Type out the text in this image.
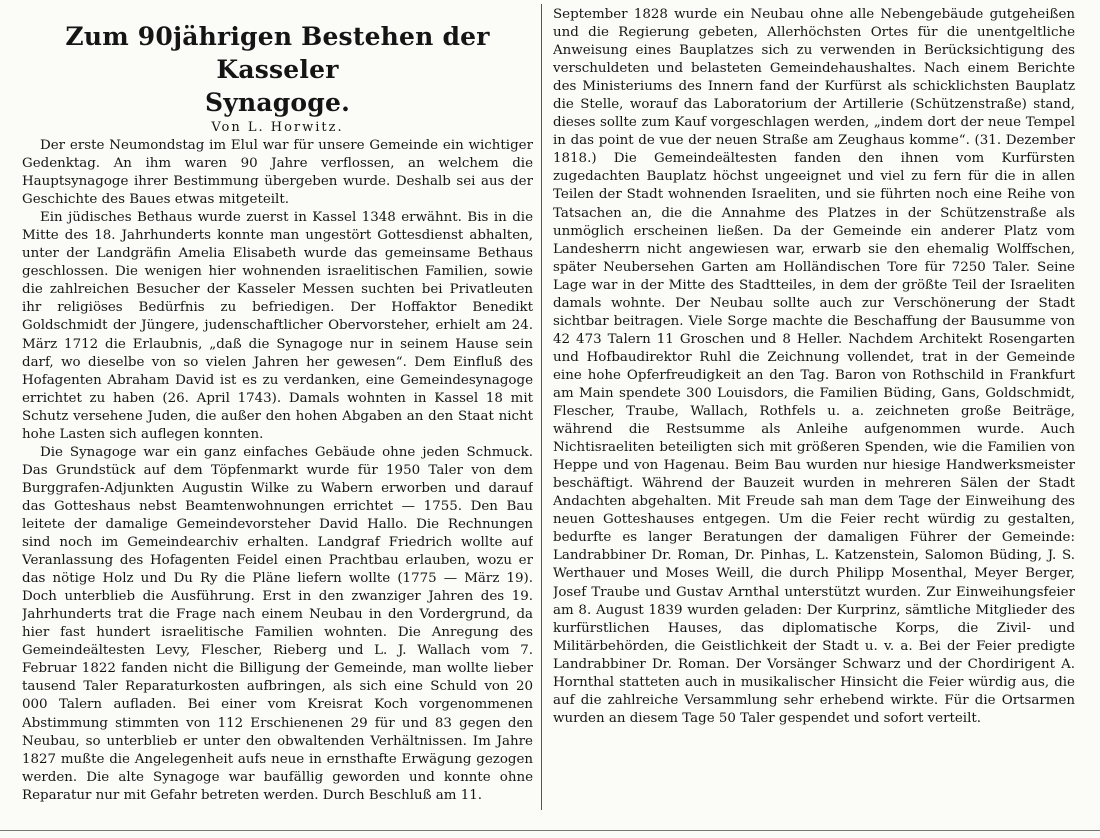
Zum 90jährigen Bestehen der Kasseler
Synagoge.

Von L. Horwitz.

Der erste Neumondstag im Elul war für unsere Gemeinde ein wichtiger Gedenktag. An ihm waren 90 Jahre verflossen, an welchem die Hauptsynagoge ihrer Bestimmung übergeben wurde. Deshalb sei aus der Geschichte des Baues etwas mitgeteilt.

Ein jüdisches Bethaus wurde zuerst in Kassel 1348 erwähnt. Bis in die Mitte des 18. Jahrhunderts konnte man ungestört Gottesdienst abhalten, unter der Landgräfin Amelia Elisabeth wurde das gemeinsame Bethaus geschlossen. Die wenigen hier wohnenden israelitischen Familien, sowie die zahlreichen Besucher der Kasseler Messen suchten bei Privatleuten ihr religiöses Bedürfnis zu befriedigen. Der Hoffaktor Benedikt Goldschmidt der Jüngere, judenschaftlicher Obervorsteher, erhielt am 24. März 1712 die Erlaubnis, „daß die Synagoge nur in seinem Hause sein darf, wo dieselbe von so vielen Jahren her gewesen“. Dem Einfluß des Hofagenten Abraham David ist es zu verdanken, eine Gemeindesynagoge errichtet zu haben (26. April 1743). Damals wohnten in Kassel 18 mit Schutz versehene Juden, die außer den hohen Abgaben an den Staat nicht hohe Lasten sich auflegen konnten.

Die Synagoge war ein ganz einfaches Gebäude ohne jeden Schmuck. Das Grundstück auf dem Töpfenmarkt wurde für 1950 Taler von dem Burggrafen-Adjunkten Augustin Wilke zu Wabern erworben und darauf das Gotteshaus nebst Beamtenwohnungen errichtet — 1755. Den Bau leitete der damalige Gemeindevorsteher David Hallo. Die Rechnungen sind noch im Gemeindearchiv erhalten. Landgraf Friedrich wollte auf Veranlassung des Hofagenten Feidel einen Prachtbau erlauben, wozu er das nötige Holz und Du Ry die Pläne liefern wollte (1775 — März 19). Doch unterblieb die Ausführung. Erst in den zwanziger Jahren des 19. Jahrhunderts trat die Frage nach einem Neubau in den Vordergrund, da hier fast hundert israelitische Familien wohnten. Die Anregung des Gemeindeältesten Levy, Flescher, Rieberg und L. J. Wallach vom 7. Februar 1822 fanden nicht die Billigung der Gemeinde, man wollte lieber tausend Taler Reparaturkosten aufbringen, als sich eine Schuld von 20 000 Talern aufladen. Bei einer vom Kreisrat Koch vorgenommenen Abstimmung stimmten von 112 Erschienenen 29 für und 83 gegen den Neubau, so unterblieb er unter den obwaltenden Verhältnissen. Im Jahre 1827 mußte die Angelegenheit aufs neue in ernsthafte Erwägung gezogen werden. Die alte Synagoge war baufällig geworden und konnte ohne Reparatur nur mit Gefahr betreten werden. Durch Beschluß am 11.

September 1828 wurde ein Neubau ohne alle Nebengebäude gutgeheißen und die Regierung gebeten, Allerhöchsten Ortes für die unentgeltliche Anweisung eines Bauplatzes sich zu verwenden in Berücksichtigung des verschuldeten und belasteten Gemeindehaushaltes. Nach einem Berichte des Ministeriums des Innern fand der Kurfürst als schicklichsten Bauplatz die Stelle, worauf das Laboratorium der Artillerie (Schützenstraße) stand, dieses sollte zum Kauf vorgeschlagen werden, „indem dort der neue Tempel in das point de vue der neuen Straße am Zeughaus komme“. (31. Dezember 1818.) Die Gemeindeältesten fanden den ihnen vom Kurfürsten zugedachten Bauplatz höchst ungeeignet und viel zu fern für die in allen Teilen der Stadt wohnenden Israeliten, und sie führten noch eine Reihe von Tatsachen an, die die Annahme des Platzes in der Schützenstraße als unmöglich erscheinen ließen. Da der Gemeinde ein anderer Platz vom Landesherrn nicht angewiesen war, erwarb sie den ehemalig Wolffschen, später Neubersehen Garten am Holländischen Tore für 7250 Taler. Seine Lage war in der Mitte des Stadtteiles, in dem der größte Teil der Israeliten damals wohnte. Der Neubau sollte auch zur Verschönerung der Stadt sichtbar beitragen. Viele Sorge machte die Beschaffung der Bausumme von 42 473 Talern 11 Groschen und 8 Heller. Nachdem Architekt Rosengarten und Hofbaudirektor Ruhl die Zeichnung vollendet, trat in der Gemeinde eine hohe Opferfreudigkeit an den Tag. Baron von Rothschild in Frankfurt am Main spendete 300 Louisdors, die Familien Büding, Gans, Goldschmidt, Flescher, Traube, Wallach, Rothfels u. a. zeichneten große Beiträge, während die Restsumme als Anleihe aufgenommen wurde. Auch Nichtisraeliten beteiligten sich mit größeren Spenden, wie die Familien von Heppe und von Hagenau. Beim Bau wurden nur hiesige Handwerksmeister beschäftigt. Während der Bauzeit wurden in mehreren Sälen der Stadt Andachten abgehalten. Mit Freude sah man dem Tage der Einweihung des neuen Gotteshauses entgegen. Um die Feier recht würdig zu gestalten, bedurfte es langer Beratungen der damaligen Führer der Gemeinde: Landrabbiner Dr. Roman, Dr. Pinhas, L. Katzenstein, Salomon Büding, J. S. Werthauer und Moses Weill, die durch Philipp Mosenthal, Meyer Berger, Josef Traube und Gustav Arnthal unterstützt wurden. Zur Einweihungsfeier am 8. August 1839 wurden geladen: Der Kurprinz, sämtliche Mitglieder des kurfürstlichen Hauses, das diplomatische Korps, die Zivil- und Militärbehörden, die Geistlichkeit der Stadt u. v. a. Bei der Feier predigte Landrabbiner Dr. Roman. Der Vorsänger Schwarz und der Chordirigent A. Hornthal statteten auch in musikalischer Hinsicht die Feier würdig aus, die auf die zahlreiche Versammlung sehr erhebend wirkte. Für die Ortsarmen wurden an diesem Tage 50 Taler gespendet und sofort verteilt.
